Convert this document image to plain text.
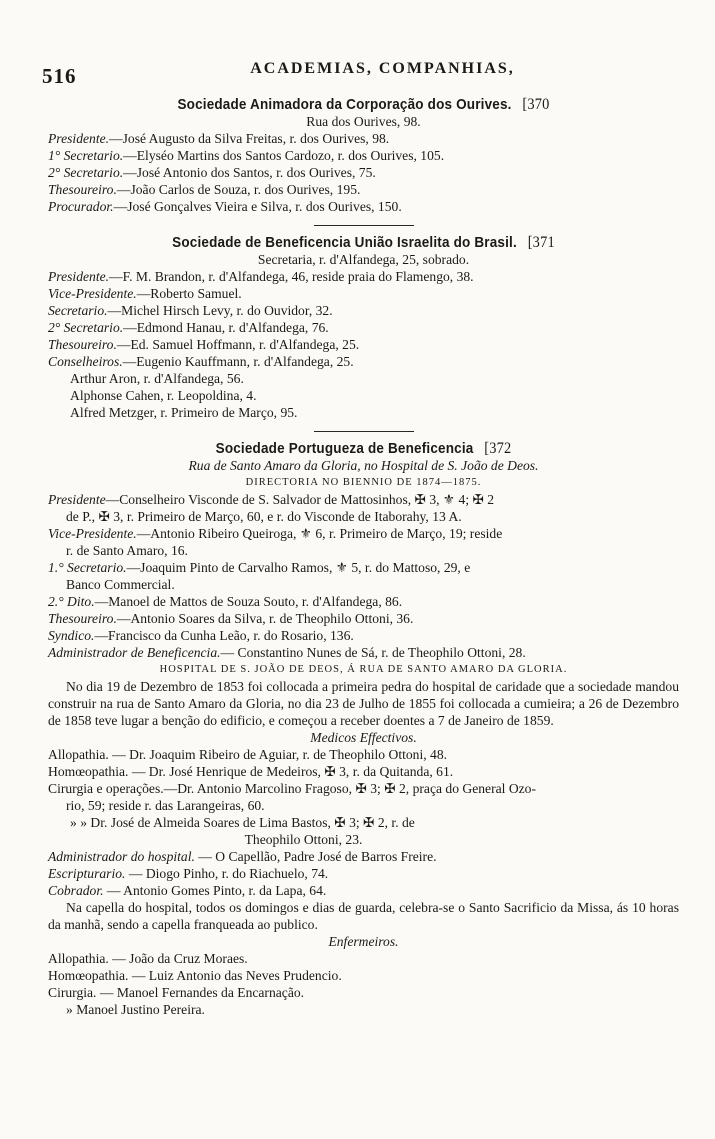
516	ACADEMIAS, COMPANHIAS,
Sociedade Animadora da Corporação dos Ourives. [370
Rua dos Ourives, 98.
Presidente.—José Augusto da Silva Freitas, r. dos Ourives, 98.
1° Secretario.—Elyséo Martins dos Santos Cardozo, r. dos Ourives, 105.
2° Secretario.—José Antonio dos Santos, r. dos Ourives, 75.
Thesoureiro.—João Carlos de Souza, r. dos Ourives, 195.
Procurador.—José Gonçalves Vieira e Silva, r. dos Ourives, 150.
Sociedade de Beneficencia União Israelita do Brasil. [371
Secretaria, r. d'Alfandega, 25, sobrado.
Presidente.—F. M. Brandon, r. d'Alfandega, 46, reside praia do Flamengo, 38.
Vice-Presidente.—Roberto Samuel.
Secretario.—Michel Hirsch Levy, r. do Ouvidor, 32.
2° Secretario.—Edmond Hanau, r. d'Alfandega, 76.
Thesoureiro.—Ed. Samuel Hoffmann, r. d'Alfandega, 25.
Conselheiros.—Eugenio Kauffmann, r. d'Alfandega, 25.
Arthur Aron, r. d'Alfandega, 56.
Alphonse Cahen, r. Leopoldina, 4.
Alfred Metzger, r. Primeiro de Março, 95.
Sociedade Portugueza de Beneficencia [372
Rua de Santo Amaro da Gloria, no Hospital de S. João de Deos.
DIRECTORIA NO BIENNIO DE 1874—1875.
Presidente—Conselheiro Visconde de S. Salvador de Mattosinhos, ✠ 3, ⚜ 4; ✠ 2
de P., ✠ 3, r. Primeiro de Março, 60, e r. do Visconde de Itaborahy, 13 A.
Vice-Presidente.—Antonio Ribeiro Queiroga, ⚜ 6, r. Primeiro de Março, 19; reside
r. de Santo Amaro, 16.
1.° Secretario.—Joaquim Pinto de Carvalho Ramos, ⚜ 5, r. do Mattoso, 29, e
Banco Commercial.
2.° Dito.—Manoel de Mattos de Souza Souto, r. d'Alfandega, 86.
Thesoureiro.—Antonio Soares da Silva, r. de Theophilo Ottoni, 36.
Syndico.—Francisco da Cunha Leão, r. do Rosario, 136.
Administrador de Beneficencia.— Constantino Nunes de Sá, r. de Theophilo Ottoni, 28.
HOSPITAL DE S. JOÃO DE DEOS, Á RUA DE SANTO AMARO DA GLORIA.
No dia 19 de Dezembro de 1853 foi collocada a primeira pedra do hospital de caridade que a sociedade mandou construir na rua de Santo Amaro da Gloria, no dia 23 de Julho de 1855 foi collocada a cumieira; a 26 de Dezembro de 1858 teve lugar a benção do edificio, e começou a receber doentes a 7 de Janeiro de 1859.
Medicos Effectivos.
Allopathia. — Dr. Joaquim Ribeiro de Aguiar, r. de Theophilo Ottoni, 48.
Homœopathia. — Dr. José Henrique de Medeiros, ✠ 3, r. da Quitanda, 61.
Cirurgia e operações.—Dr. Antonio Marcolino Fragoso, ✠ 3; ✠ 2, praça do General Ozo-
rio, 59; reside r. das Larangeiras, 60.
» » Dr. José de Almeida Soares de Lima Bastos, ✠ 3; ✠ 2, r. de
Theophilo Ottoni, 23.
Administrador do hospital. — O Capellão, Padre José de Barros Freire.
Escripturario. — Diogo Pinho, r. do Riachuelo, 74.
Cobrador. — Antonio Gomes Pinto, r. da Lapa, 64.
Na capella do hospital, todos os domingos e dias de guarda, celebra-se o Santo Sacrificio da Missa, ás 10 horas da manhã, sendo a capella franqueada ao publico.
Enfermeiros.
Allopathia. — João da Cruz Moraes.
Homœopathia. — Luiz Antonio das Neves Prudencio.
Cirurgia. — Manoel Fernandes da Encarnação.
» Manoel Justino Pereira.
